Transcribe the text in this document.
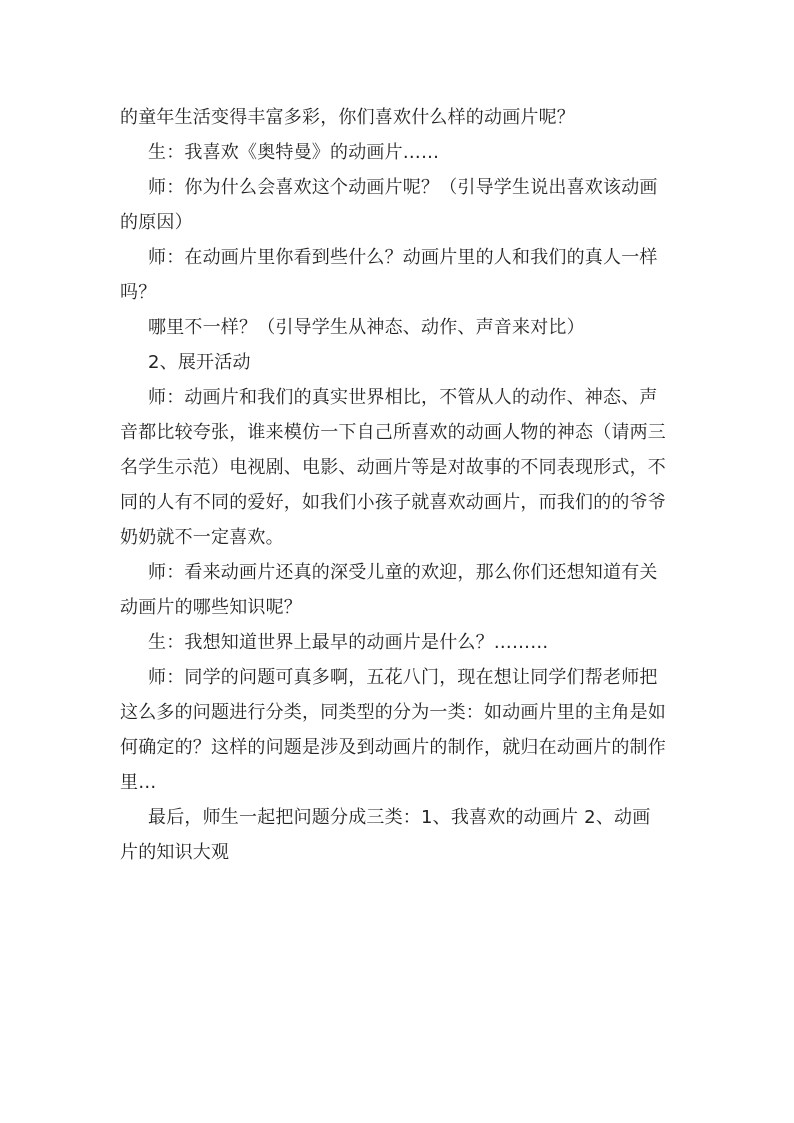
的童年生活变得丰富多彩，你们喜欢什么样的动画片呢？
生：我喜欢《奥特曼》的动画片……
师：你为什么会喜欢这个动画片呢？（引导学生说出喜欢该动画
的原因）
师：在动画片里你看到些什么？动画片里的人和我们的真人一样
吗？
哪里不一样？（引导学生从神态、动作、声音来对比）
2、展开活动
师：动画片和我们的真实世界相比，不管从人的动作、神态、声
音都比较夸张，谁来模仿一下自己所喜欢的动画人物的神态（请两三
名学生示范）电视剧、电影、动画片等是对故事的不同表现形式，不
同的人有不同的爱好，如我们小孩子就喜欢动画片，而我们的的爷爷
奶奶就不一定喜欢。
师：看来动画片还真的深受儿童的欢迎，那么你们还想知道有关
动画片的哪些知识呢？
生：我想知道世界上最早的动画片是什么？………
师：同学的问题可真多啊，五花八门，现在想让同学们帮老师把
这么多的问题进行分类，同类型的分为一类：如动画片里的主角是如
何确定的？这样的问题是涉及到动画片的制作，就归在动画片的制作
里…
最后，师生一起把问题分成三类：1、我喜欢的动画片 2、动画
片的知识大观
